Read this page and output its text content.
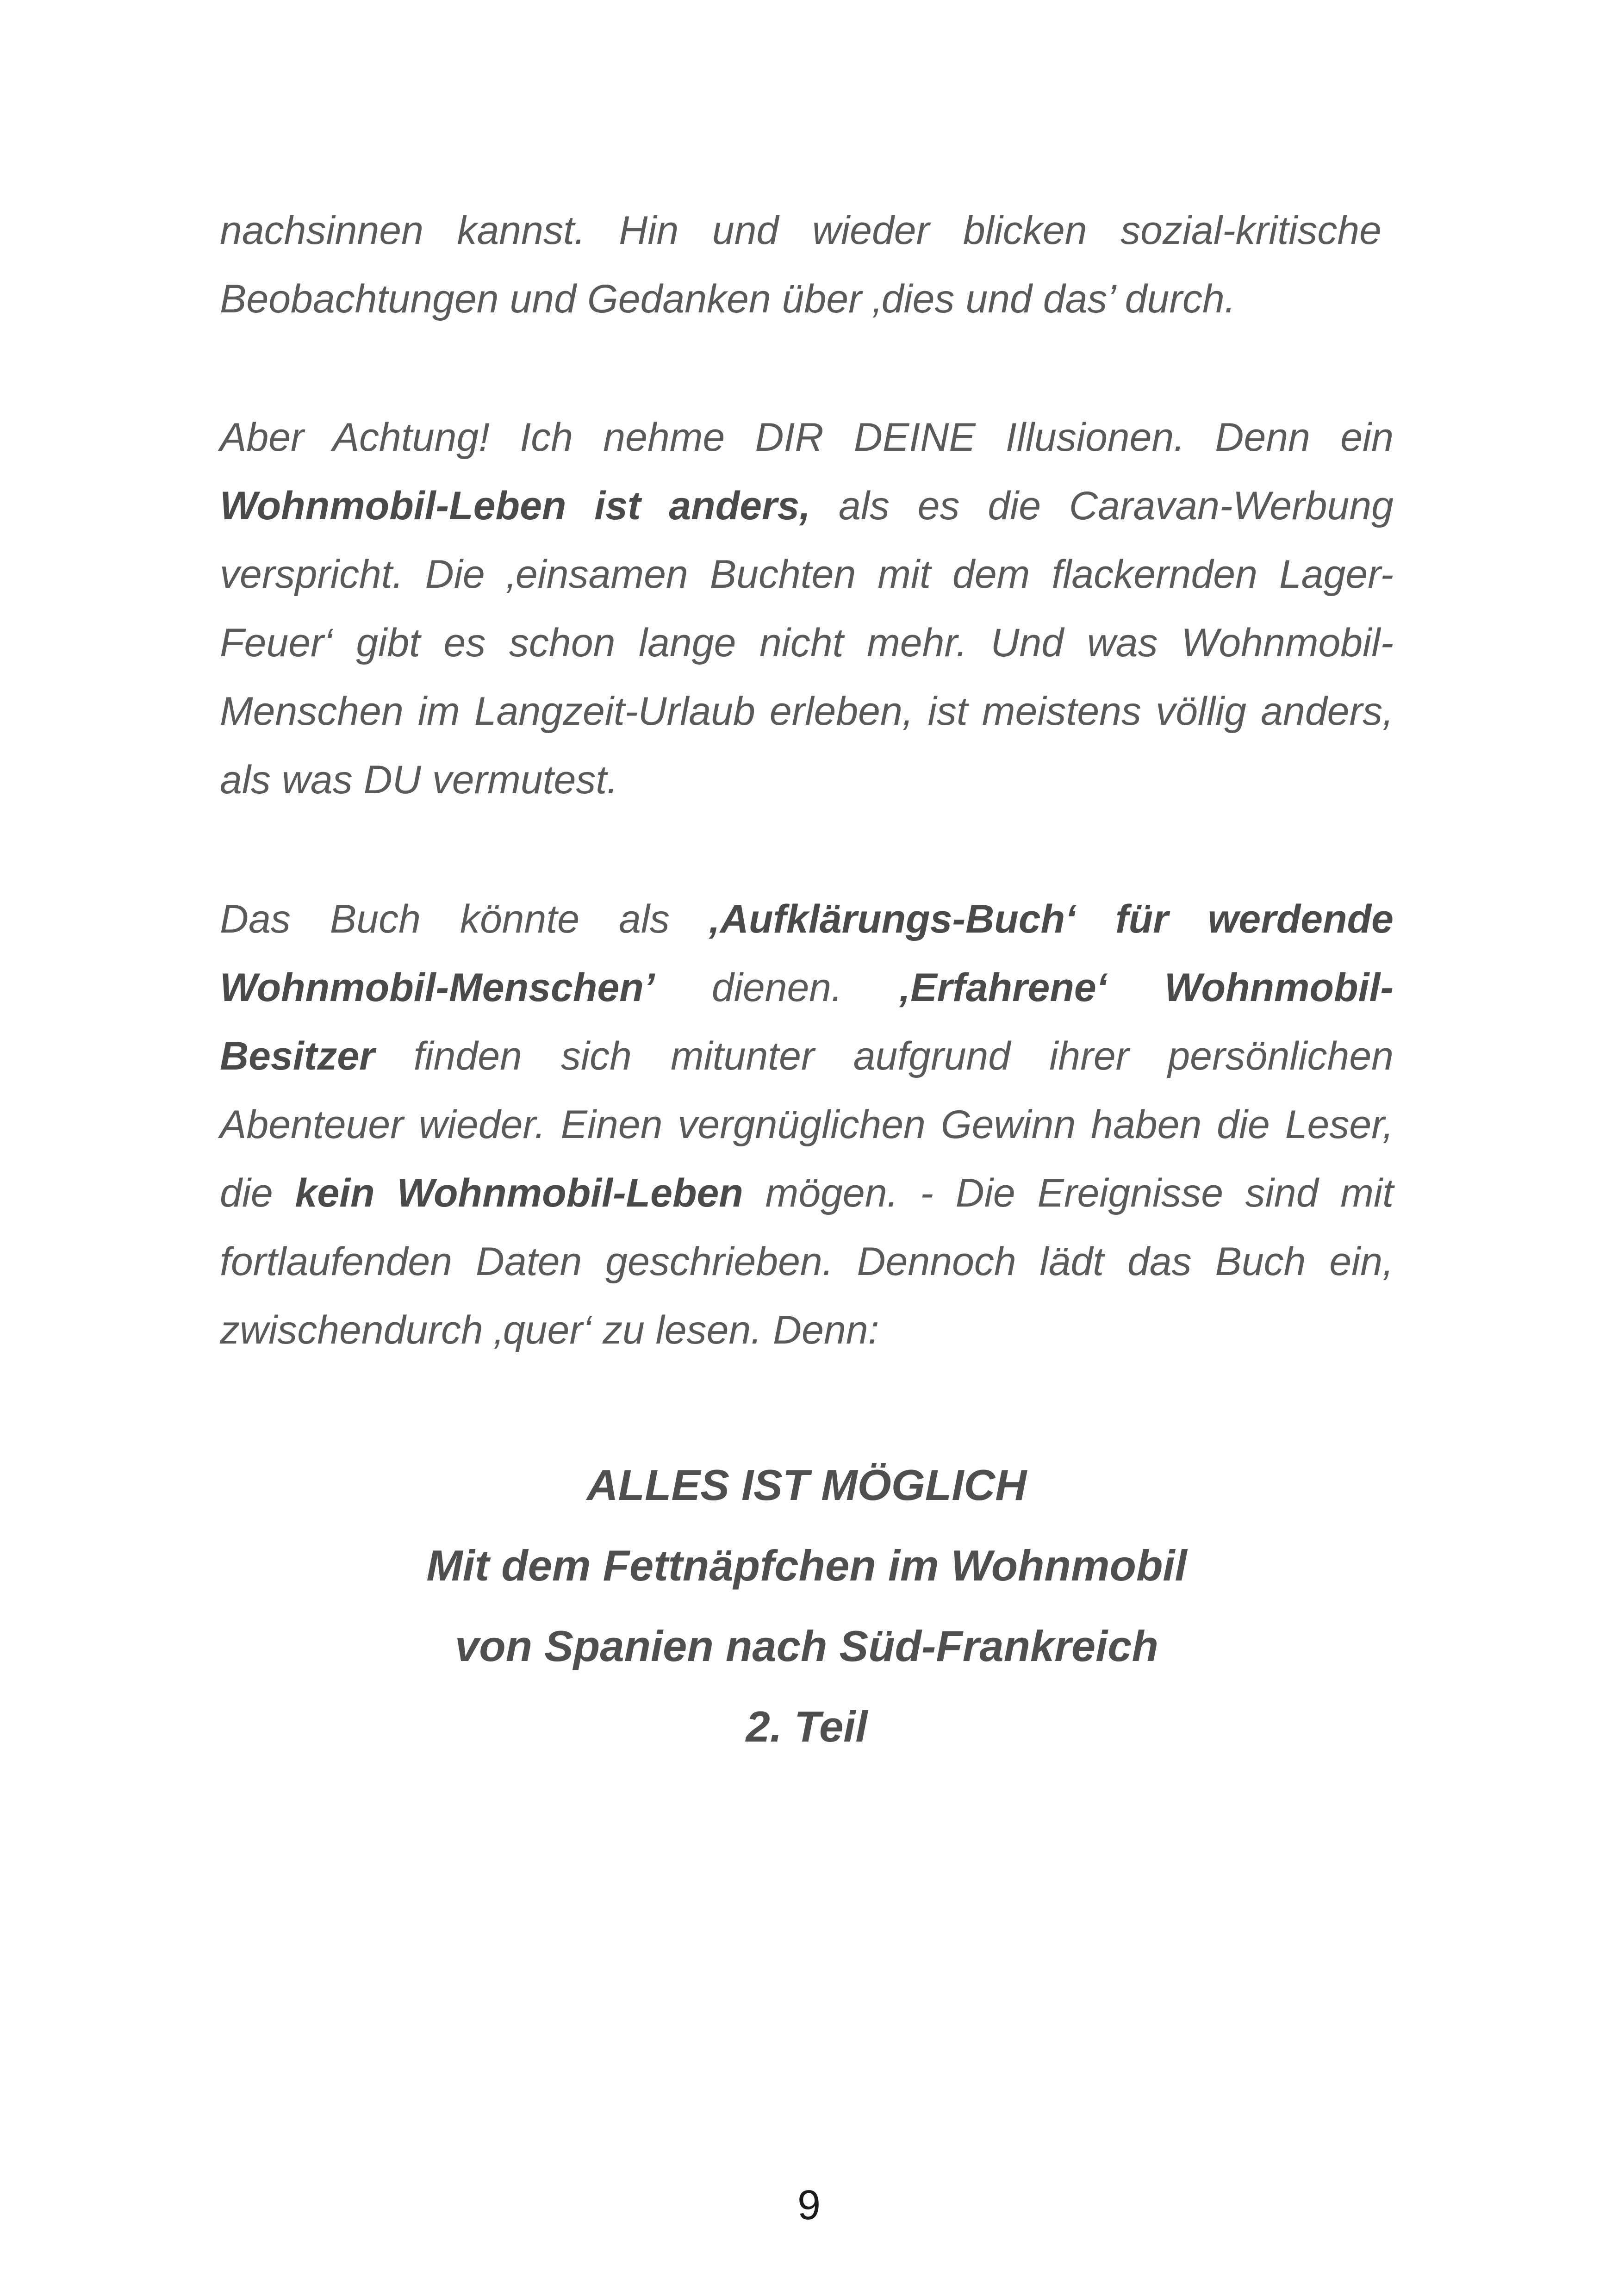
nachsinnen kannst. Hin und wieder blicken sozial-kritische Beobachtungen und Gedanken über ‚dies und das’ durch.
Aber Achtung! Ich nehme DIR DEINE Illusionen. Denn ein Wohnmobil-Leben ist anders, als es die Caravan-Werbung verspricht. Die ‚einsamen Buchten mit dem flackernden Lager-Feuer‘ gibt es schon lange nicht mehr. Und was Wohnmobil-Menschen im Langzeit-Urlaub erleben, ist meistens völlig anders, als was DU vermutest.
Das Buch könnte als ‚Aufklärungs-Buch‘ für werdende Wohnmobil-Menschen’ dienen. ‚Erfahrene‘ Wohnmobil-Besitzer finden sich mitunter aufgrund ihrer persönlichen Abenteuer wieder. Einen vergnüglichen Gewinn haben die Leser, die kein Wohnmobil-Leben mögen. - Die Ereignisse sind mit fortlaufenden Daten geschrieben. Dennoch lädt das Buch ein, zwischendurch ‚quer‘ zu lesen. Denn:
ALLES IST MÖGLICH
Mit dem Fettnäpfchen im Wohnmobil
von Spanien nach Süd-Frankreich
2. Teil
9
